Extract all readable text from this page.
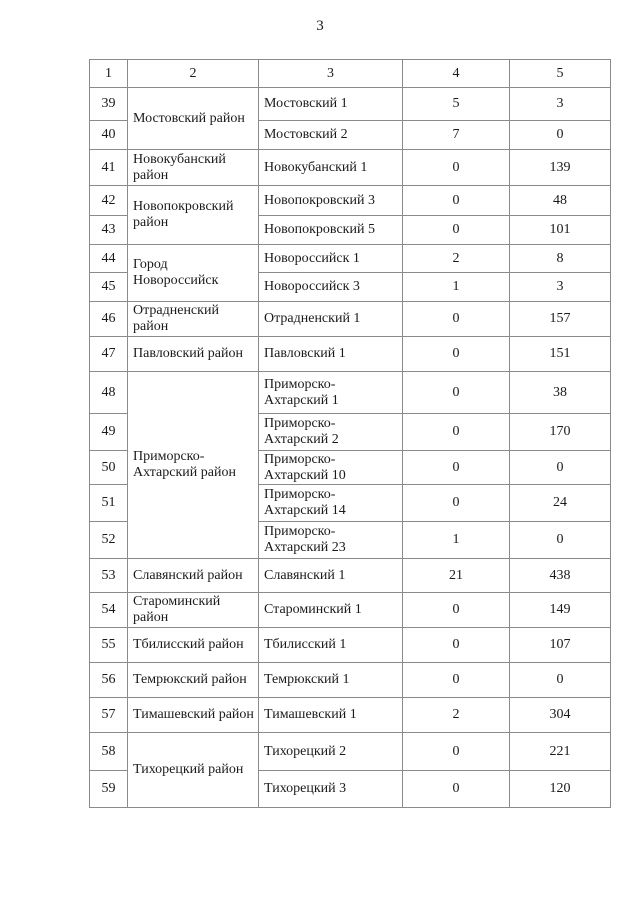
3
1	2	3	4	5
39	Мостовский район	Мостовский 1	5	3
40		Мостовский 2	7	0
41	Новокубанский район	Новокубанский 1	0	139
42	Новопокровский район	Новопокровский 3	0	48
43		Новопокровский 5	0	101
44	Город Новороссийск	Новороссийск 1	2	8
45		Новороссийск 3	1	3
46	Отрадненский район	Отрадненский 1	0	157
47	Павловский район	Павловский 1	0	151
48	Приморско-Ахтарский район	Приморско-Ахтарский 1	0	38
49		Приморско-Ахтарский 2	0	170
50		Приморско-Ахтарский 10	0	0
51		Приморско-Ахтарский 14	0	24
52		Приморско-Ахтарский 23	1	0
53	Славянский район	Славянский 1	21	438
54	Староминский район	Староминский 1	0	149
55	Тбилисский район	Тбилисский 1	0	107
56	Темрюкский район	Темрюкский 1	0	0
57	Тимашевский район	Тимашевский 1	2	304
58	Тихорецкий район	Тихорецкий 2	0	221
59		Тихорецкий 3	0	120
